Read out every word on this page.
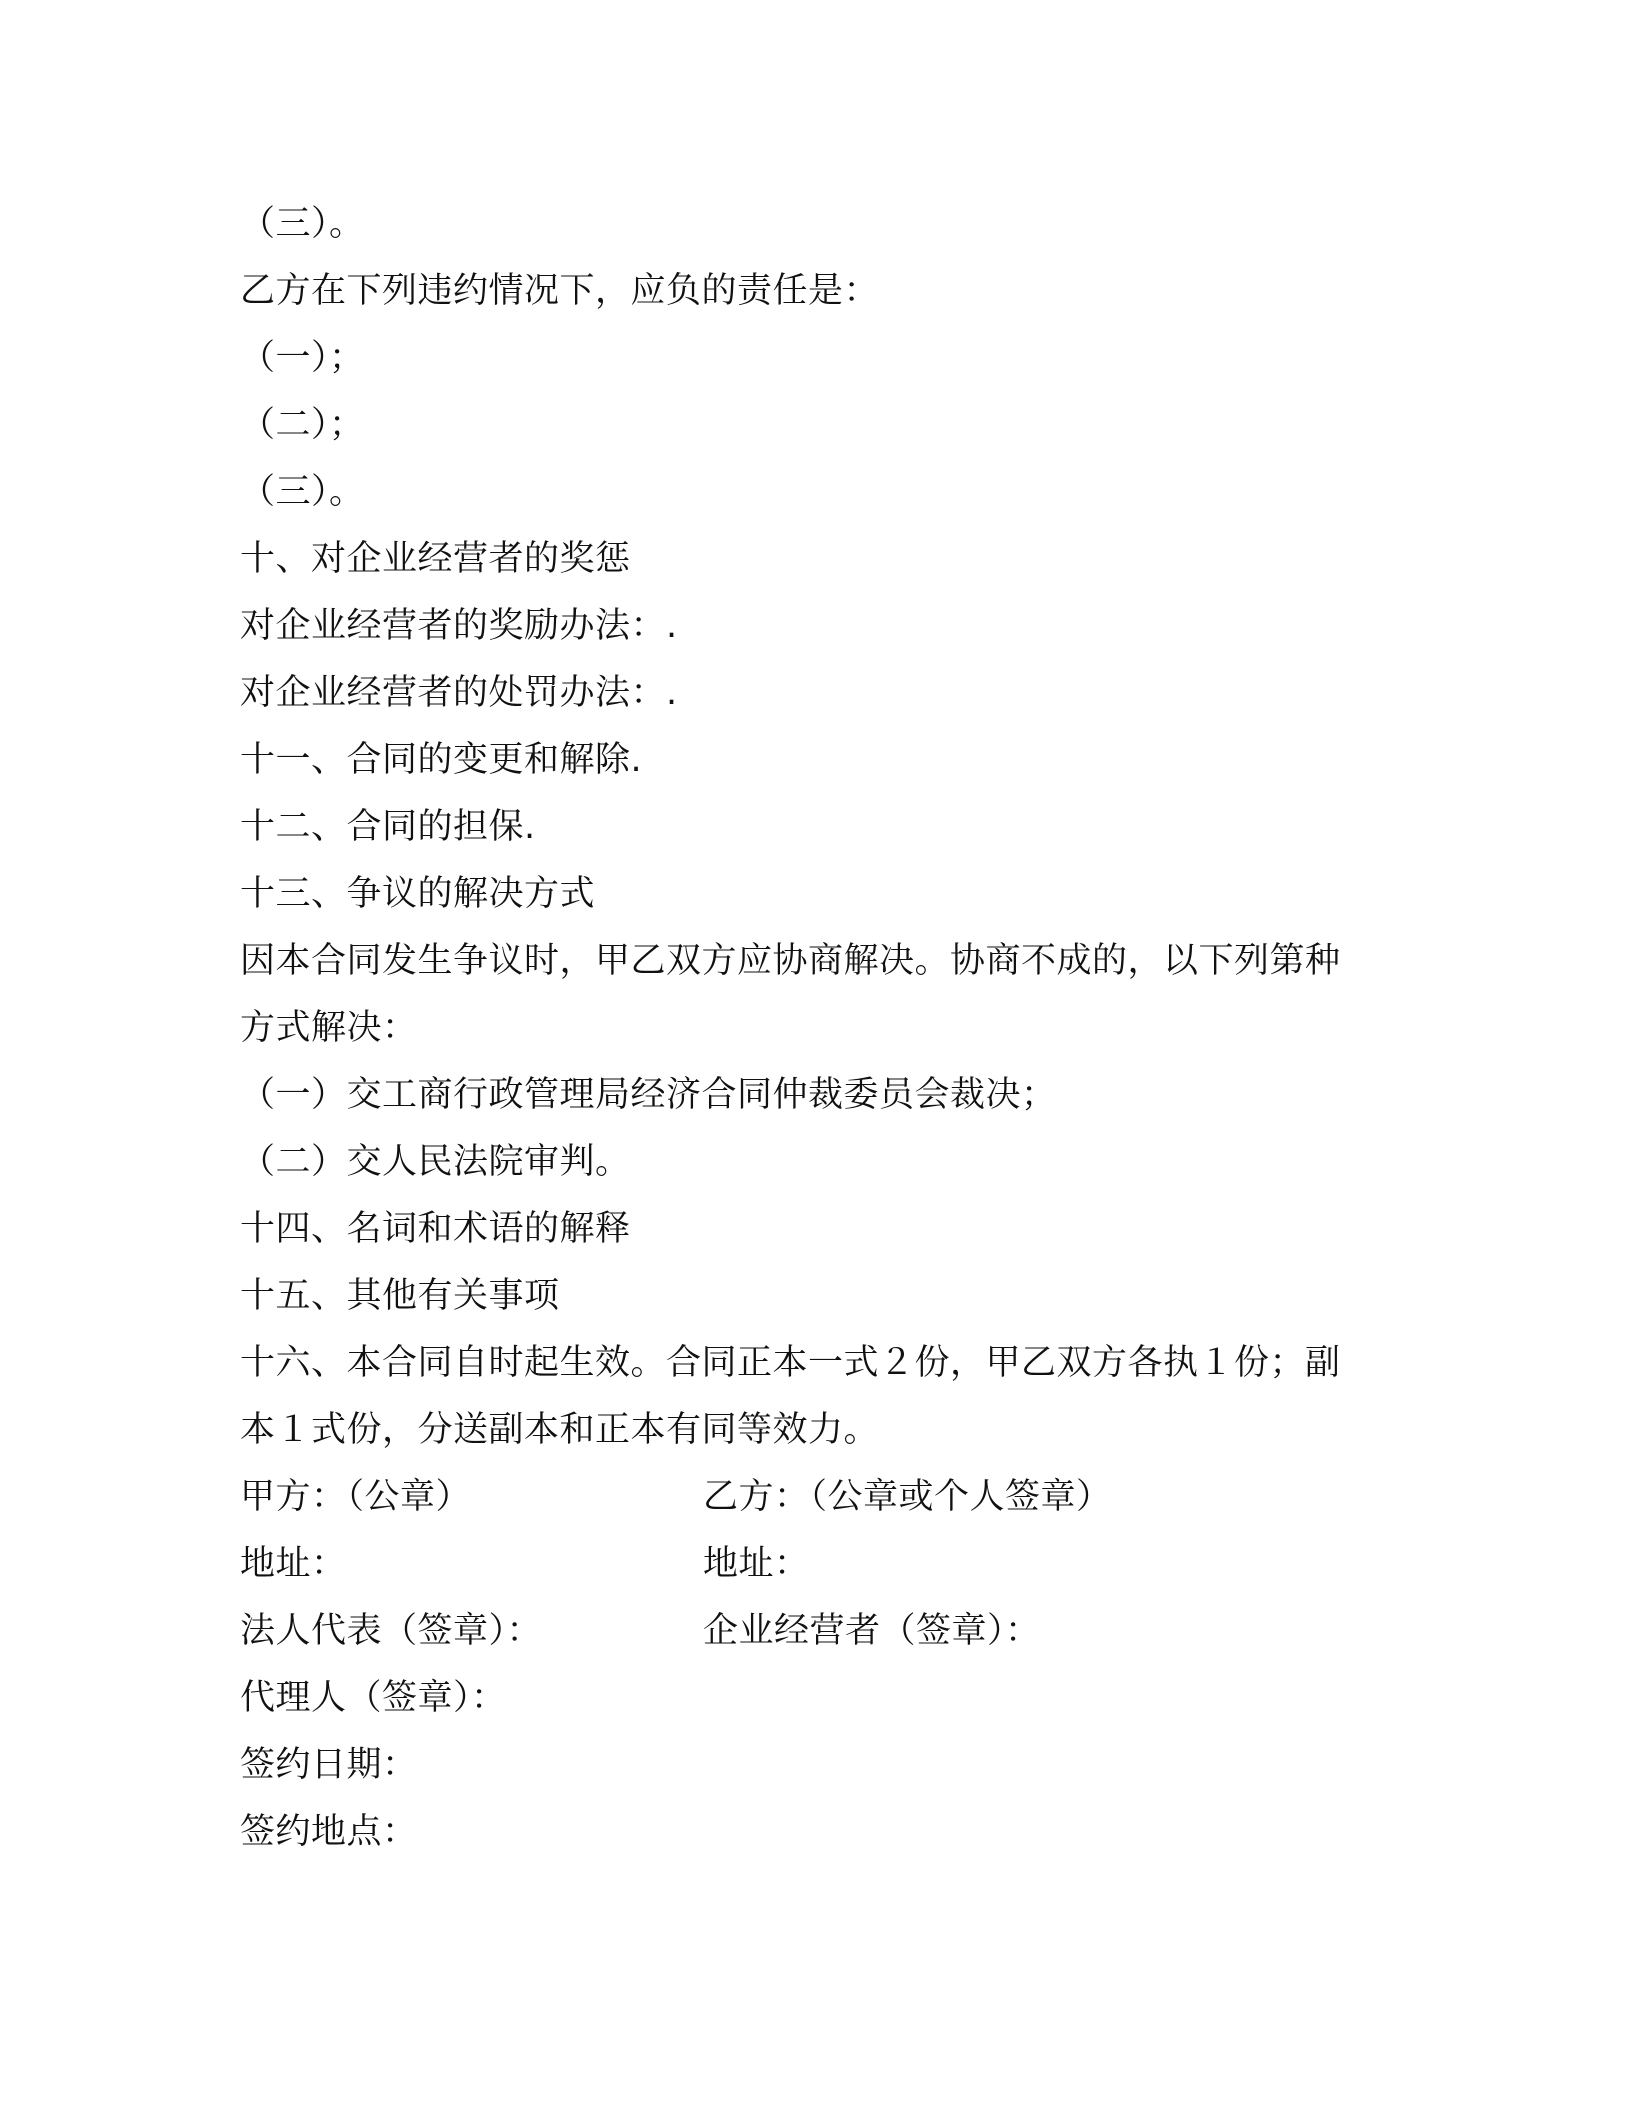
（三）。
乙方在下列违约情况下，应负的责任是：
（一）；
（二）；
（三）。
十、对企业经营者的奖惩
对企业经营者的奖励办法：.
对企业经营者的处罚办法：.
十一、合同的变更和解除.
十二、合同的担保.
十三、争议的解决方式
因本合同发生争议时，甲乙双方应协商解决。协商不成的，以下列第种
方式解决：
（一）交工商行政管理局经济合同仲裁委员会裁决；
（二）交人民法院审判。
十四、名词和术语的解释
十五、其他有关事项
十六、本合同自时起生效。合同正本一式２份，甲乙双方各执１份；副
本１式份，分送副本和正本有同等效力。
甲方：（公章）	乙方：（公章或个人签章）
地址：	地址：
法人代表（签章）：	企业经营者（签章）：
代理人（签章）：
签约日期：
签约地点：
